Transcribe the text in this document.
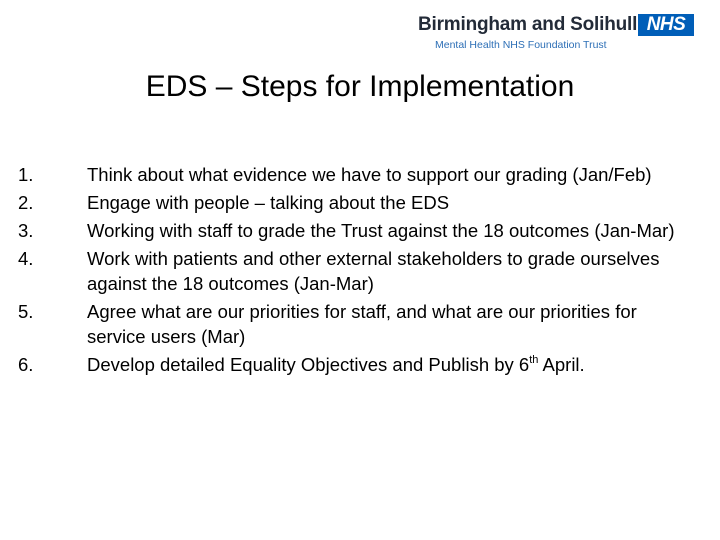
Birmingham and Solihull NHS
Mental Health NHS Foundation Trust
EDS – Steps for Implementation
1.	Think about what evidence we have to support our grading (Jan/Feb)
2.	Engage with people – talking about the EDS
3.	Working with staff to grade the Trust against the 18 outcomes (Jan-Mar)
4.	Work with patients and other external stakeholders to grade ourselves against the 18 outcomes (Jan-Mar)
5.	Agree what are our priorities for staff, and what are our priorities for service users (Mar)
6.	Develop detailed Equality Objectives and Publish by 6th April.
